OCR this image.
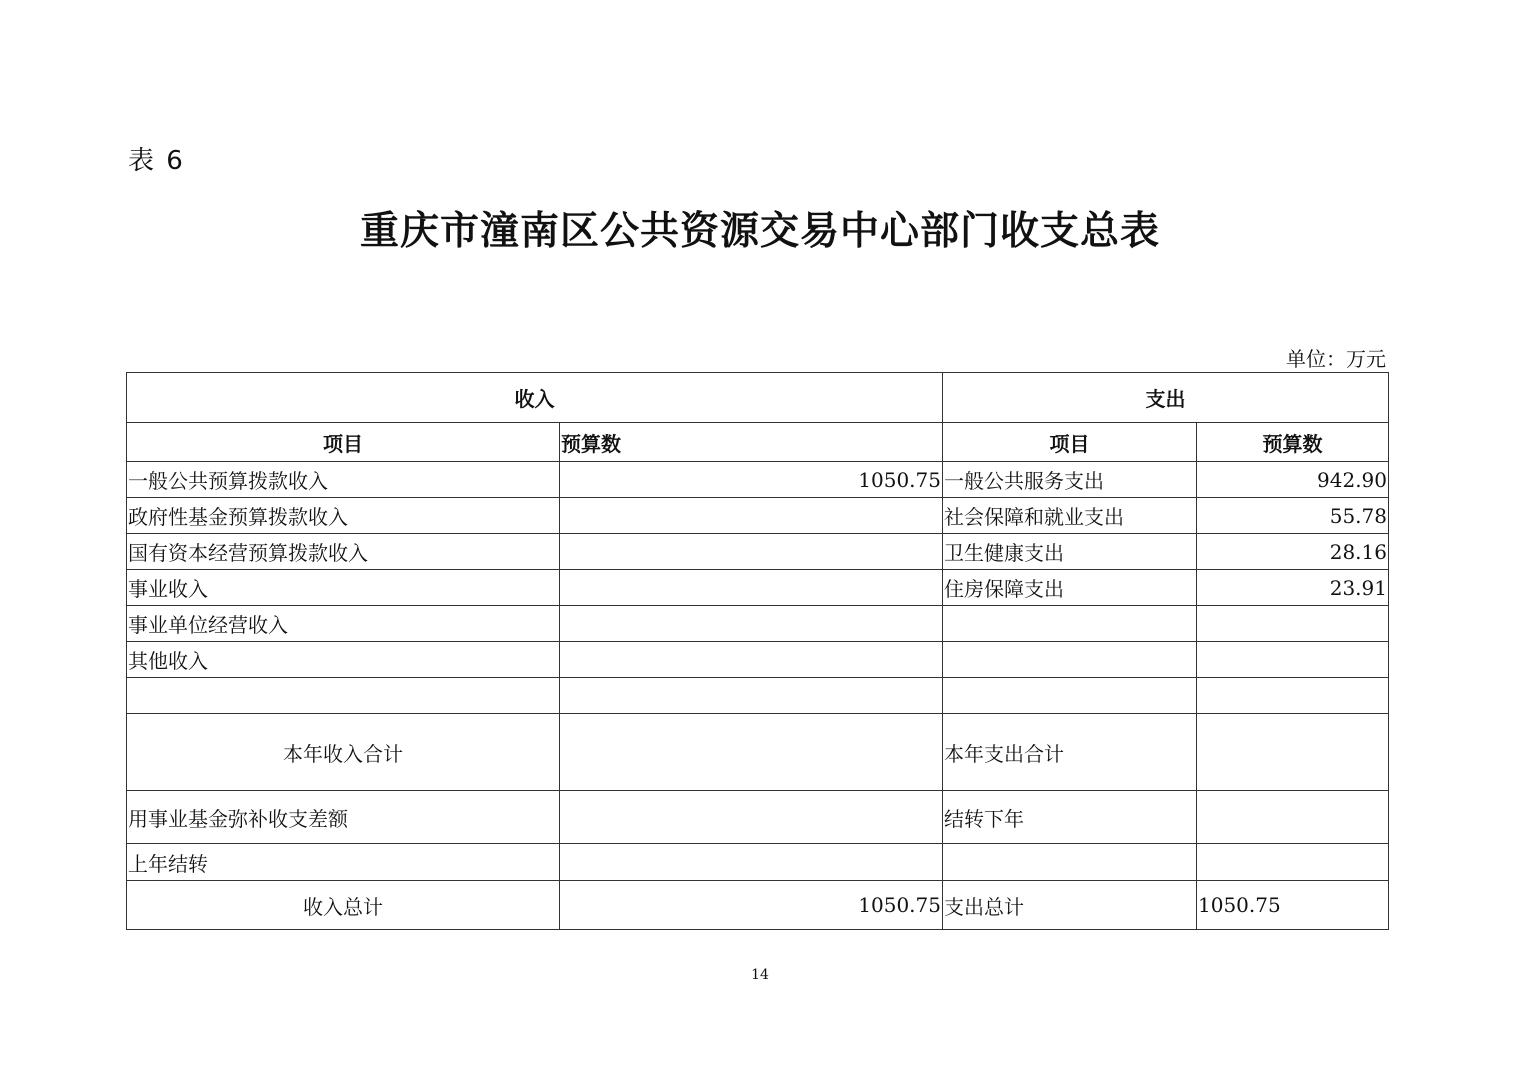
表 6
重庆市潼南区公共资源交易中心部门收支总表
单位：万元
收入		支出	
项目	预算数	项目	预算数
一般公共预算拨款收入	1050.75	一般公共服务支出	942.90
政府性基金预算拨款收入		社会保障和就业支出	55.78
国有资本经营预算拨款收入		卫生健康支出	28.16
事业收入		住房保障支出	23.91
事业单位经营收入			
其他收入			

本年收入合计		本年支出合计	
用事业基金弥补收支差额		结转下年	
上年结转			
收入总计	1050.75	支出总计	1050.75
14
